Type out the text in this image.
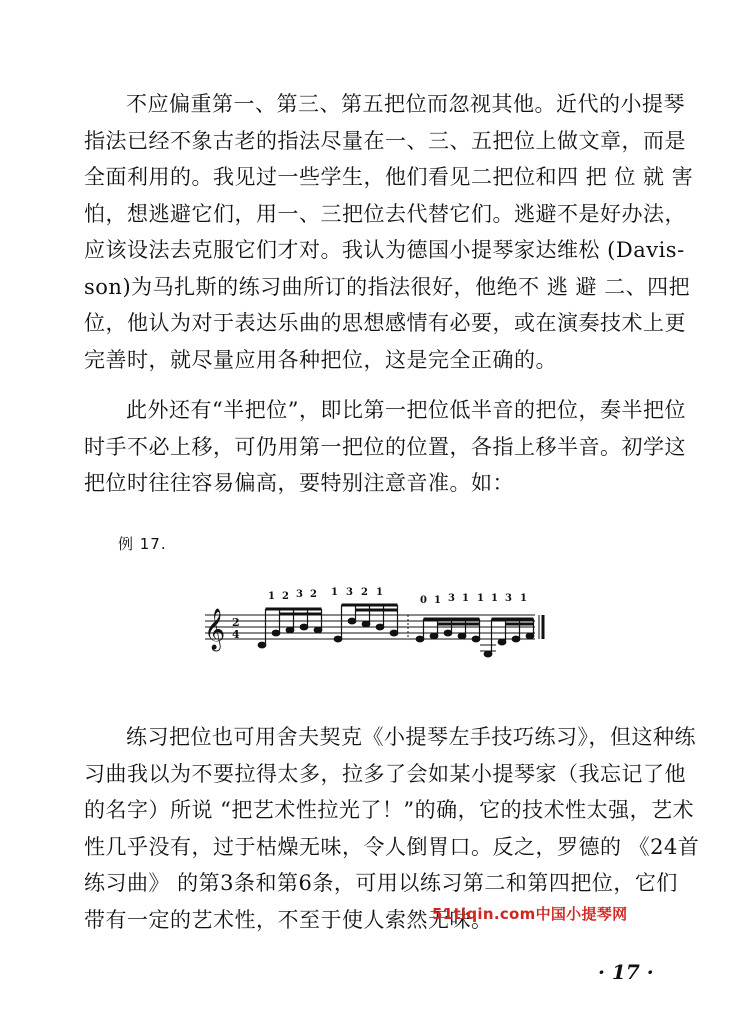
不应偏重第一、第三、第五把位而忽视其他。近代的小提琴
指法已经不象古老的指法尽量在一、三、五把位上做文章，而是
全面利用的。我见过一些学生，他们看见二把位和四 把 位 就 害
怕，想逃避它们，用一、三把位去代替它们。逃避不是好办法，
应该设法去克服它们才对。我认为德国小提琴家达维松 (Davis-
son)为马扎斯的练习曲所订的指法很好，他绝不 逃 避 二、四把
位，他认为对于表达乐曲的思想感情有必要，或在演奏技术上更
完善时，就尽量应用各种把位，这是完全正确的。
此外还有“半把位”，即比第一把位低半音的把位，奏半把位
时手不必上移，可仍用第一把位的位置，各指上移半音。初学这
把位时往往容易偏高，要特别注意音准。如：
例 17.
𝄞 2
4
1 2 3 2 1 3 2 1
0 1 3 1 1 1 3 1
练习把位也可用舍夫契克《小提琴左手技巧练习》，但这种练
习曲我以为不要拉得太多，拉多了会如某小提琴家（我忘记了他
的名字）所说 “把艺术性拉光了！”的确，它的技术性太强，艺术
性几乎没有，过于枯燥无味，令人倒胃口。反之，罗德的 《24首
练习曲》 的第3条和第6条，可用以练习第二和第四把位，它们
带有一定的艺术性，不至于使人索然无味。
51tiqin.com中国小提琴网
· 17 ·
